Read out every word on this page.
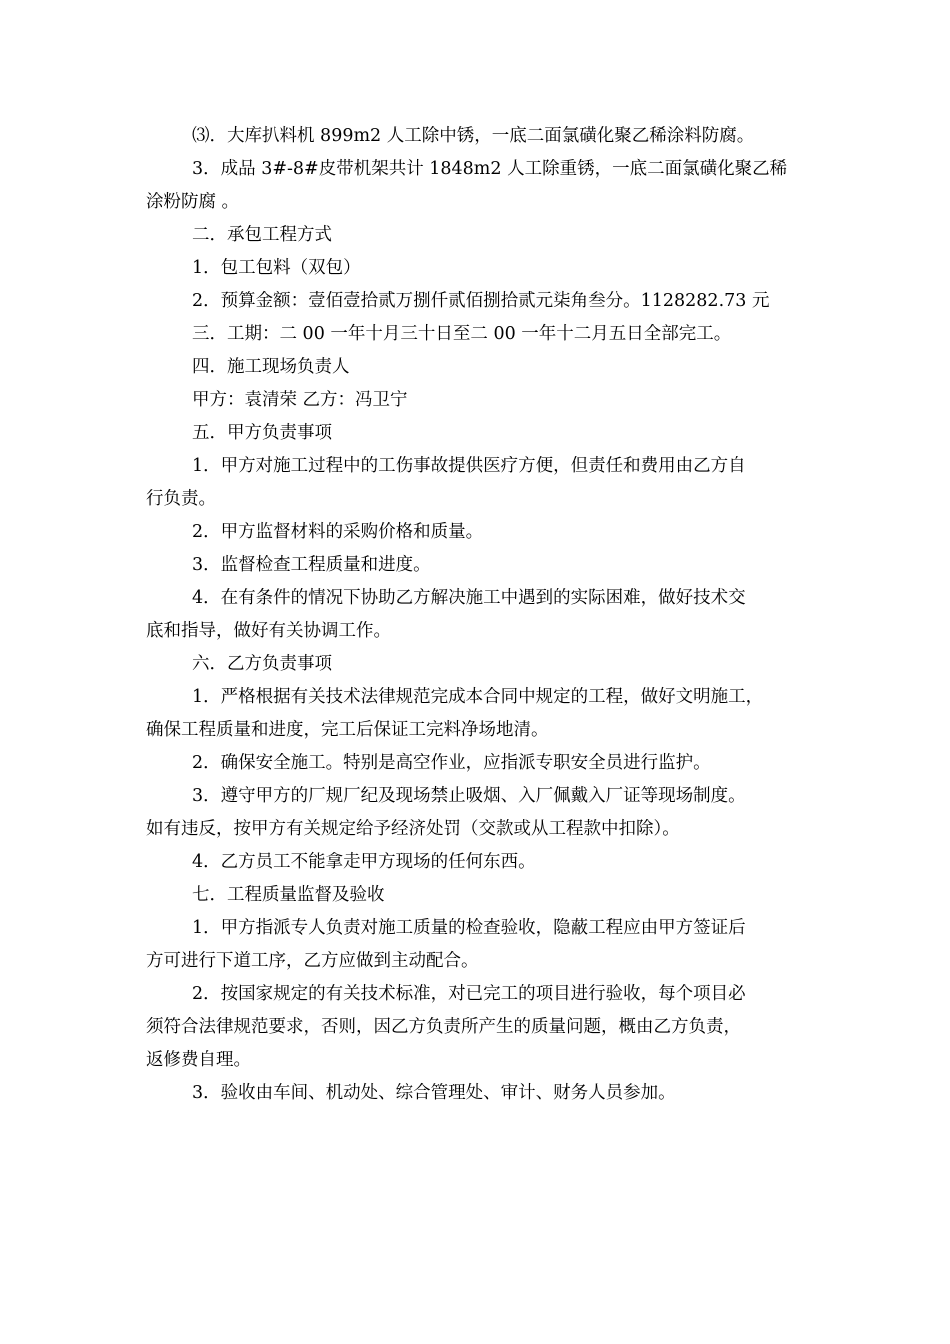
⑶．大库扒料机 899m2 人工除中锈，一底二面氯磺化聚乙稀涂料防腐。
3．成品 3#-8#皮带机架共计 1848m2 人工除重锈，一底二面氯磺化聚乙稀
涂粉防腐 。
二．承包工程方式
1．包工包料（双包）
2．预算金额：壹佰壹拾贰万捌仟贰佰捌拾贰元柒角叁分。1128282.73 元
三．工期：二 00 一年十月三十日至二 00 一年十二月五日全部完工。
四．施工现场负责人
甲方：袁清荣 乙方：冯卫宁
五．甲方负责事项
1．甲方对施工过程中的工伤事故提供医疗方便，但责任和费用由乙方自
行负责。
2．甲方监督材料的采购价格和质量。
3．监督检查工程质量和进度。
4．在有条件的情况下协助乙方解决施工中遇到的实际困难，做好技术交
底和指导，做好有关协调工作。
六．乙方负责事项
1．严格根据有关技术法律规范完成本合同中规定的工程，做好文明施工，
确保工程质量和进度，完工后保证工完料净场地清。
2．确保安全施工。特别是高空作业，应指派专职安全员进行监护。
3．遵守甲方的厂规厂纪及现场禁止吸烟、入厂佩戴入厂证等现场制度。
如有违反，按甲方有关规定给予经济处罚（交款或从工程款中扣除）。
4．乙方员工不能拿走甲方现场的任何东西。
七．工程质量监督及验收
1．甲方指派专人负责对施工质量的检查验收，隐蔽工程应由甲方签证后
方可进行下道工序，乙方应做到主动配合。
2．按国家规定的有关技术标准，对已完工的项目进行验收，每个项目必
须符合法律规范要求，否则，因乙方负责所产生的质量问题，概由乙方负责，
返修费自理。
3．验收由车间、机动处、综合管理处、审计、财务人员参加。
